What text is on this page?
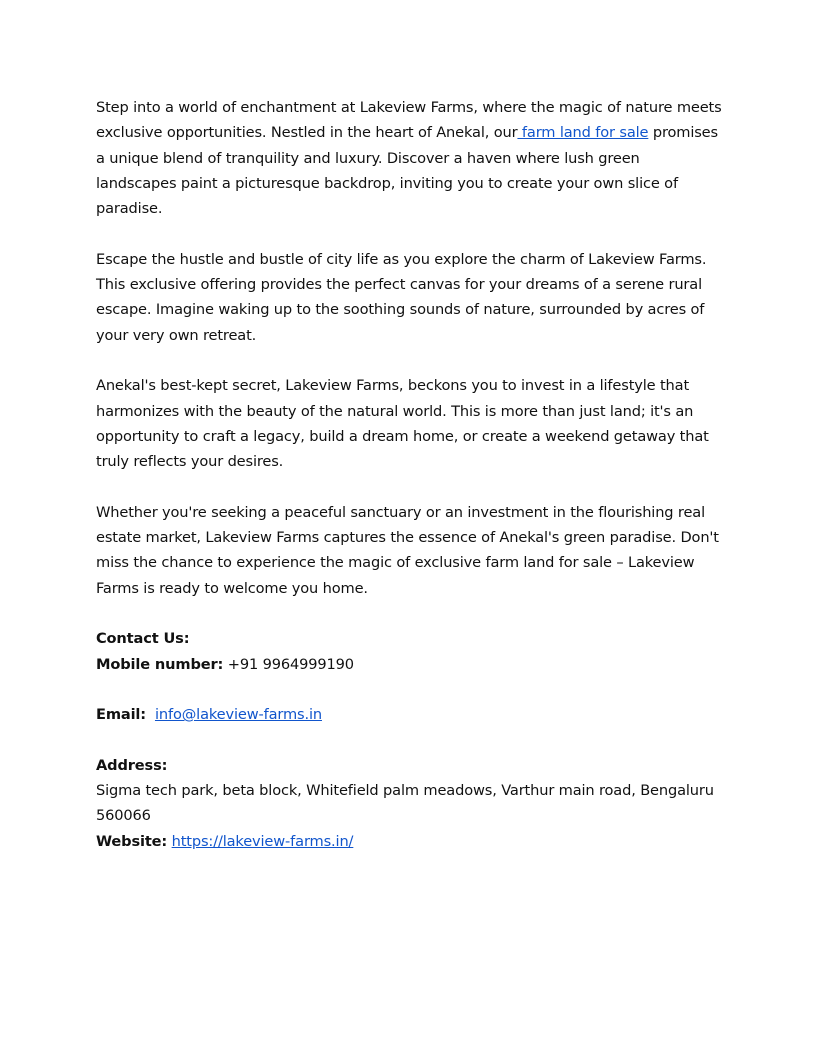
Step into a world of enchantment at Lakeview Farms, where the magic of nature meets exclusive opportunities. Nestled in the heart of Anekal, our farm land for sale promises a unique blend of tranquility and luxury. Discover a haven where lush green landscapes paint a picturesque backdrop, inviting you to create your own slice of paradise.

Escape the hustle and bustle of city life as you explore the charm of Lakeview Farms. This exclusive offering provides the perfect canvas for your dreams of a serene rural escape. Imagine waking up to the soothing sounds of nature, surrounded by acres of your very own retreat.

Anekal's best-kept secret, Lakeview Farms, beckons you to invest in a lifestyle that harmonizes with the beauty of the natural world. This is more than just land; it's an opportunity to craft a legacy, build a dream home, or create a weekend getaway that truly reflects your desires.

Whether you're seeking a peaceful sanctuary or an investment in the flourishing real estate market, Lakeview Farms captures the essence of Anekal's green paradise. Don't miss the chance to experience the magic of exclusive farm land for sale – Lakeview Farms is ready to welcome you home.

Contact Us:

Mobile number: +91 9964999190

Email: info@lakeview-farms.in

Address:

Sigma tech park, beta block, Whitefield palm meadows, Varthur main road, Bengaluru 560066

Website: https://lakeview-farms.in/
